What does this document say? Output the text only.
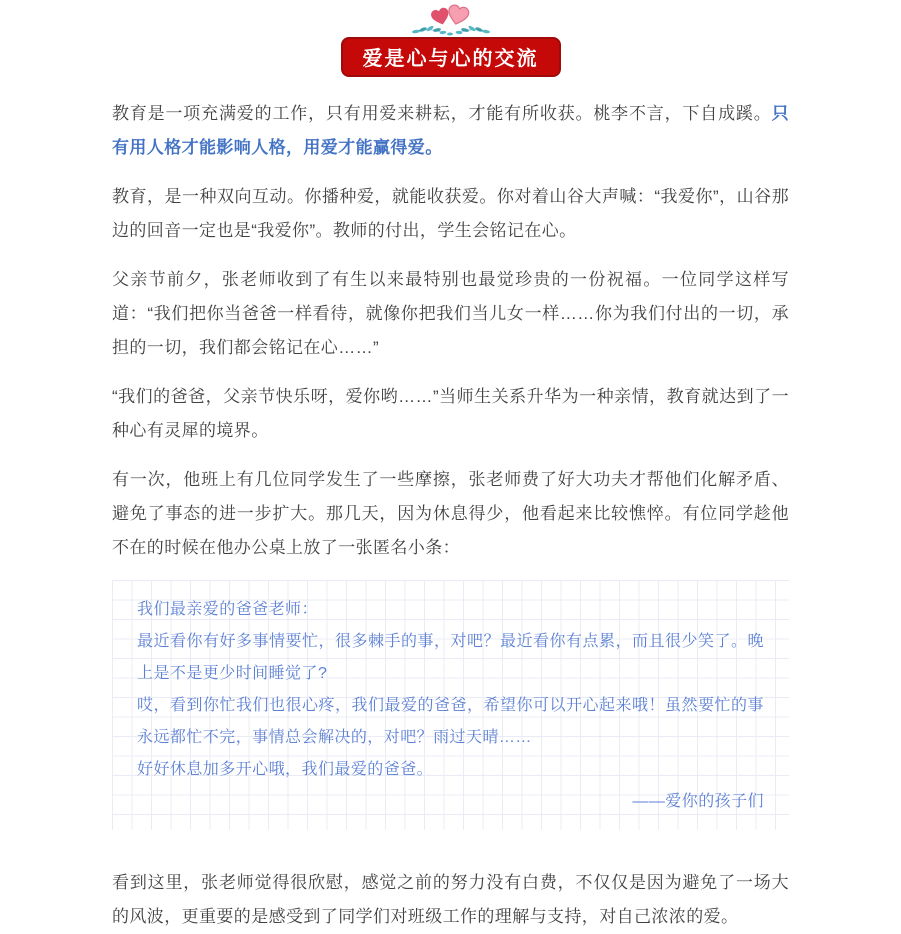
爱是心与心的交流

教育是一项充满爱的工作，只有用爱来耕耘，才能有所收获。桃李不言，下自成蹊。只有用人格才能影响人格，用爱才能赢得爱。

教育，是一种双向互动。你播种爱，就能收获爱。你对着山谷大声喊：“我爱你”，山谷那边的回音一定也是“我爱你”。教师的付出，学生会铭记在心。

父亲节前夕，张老师收到了有生以来最特别也最觉珍贵的一份祝福。一位同学这样写道：“我们把你当爸爸一样看待，就像你把我们当儿女一样……你为我们付出的一切，承担的一切，我们都会铭记在心……”

“我们的爸爸，父亲节快乐呀，爱你哟……”当师生关系升华为一种亲情，教育就达到了一种心有灵犀的境界。

有一次，他班上有几位同学发生了一些摩擦，张老师费了好大功夫才帮他们化解矛盾、避免了事态的进一步扩大。那几天，因为休息得少，他看起来比较憔悴。有位同学趁他不在的时候在他办公桌上放了一张匿名小条：

我们最亲爱的爸爸老师：

最近看你有好多事情要忙，很多棘手的事，对吧？最近看你有点累，而且很少笑了。晚上是不是更少时间睡觉了?

哎，看到你忙我们也很心疼，我们最爱的爸爸，希望你可以开心起来哦！虽然要忙的事永远都忙不完，事情总会解决的，对吧？雨过天晴……

好好休息加多开心哦，我们最爱的爸爸。

——爱你的孩子们

看到这里，张老师觉得很欣慰，感觉之前的努力没有白费，不仅仅是因为避免了一场大的风波，更重要的是感受到了同学们对班级工作的理解与支持，对自己浓浓的爱。
